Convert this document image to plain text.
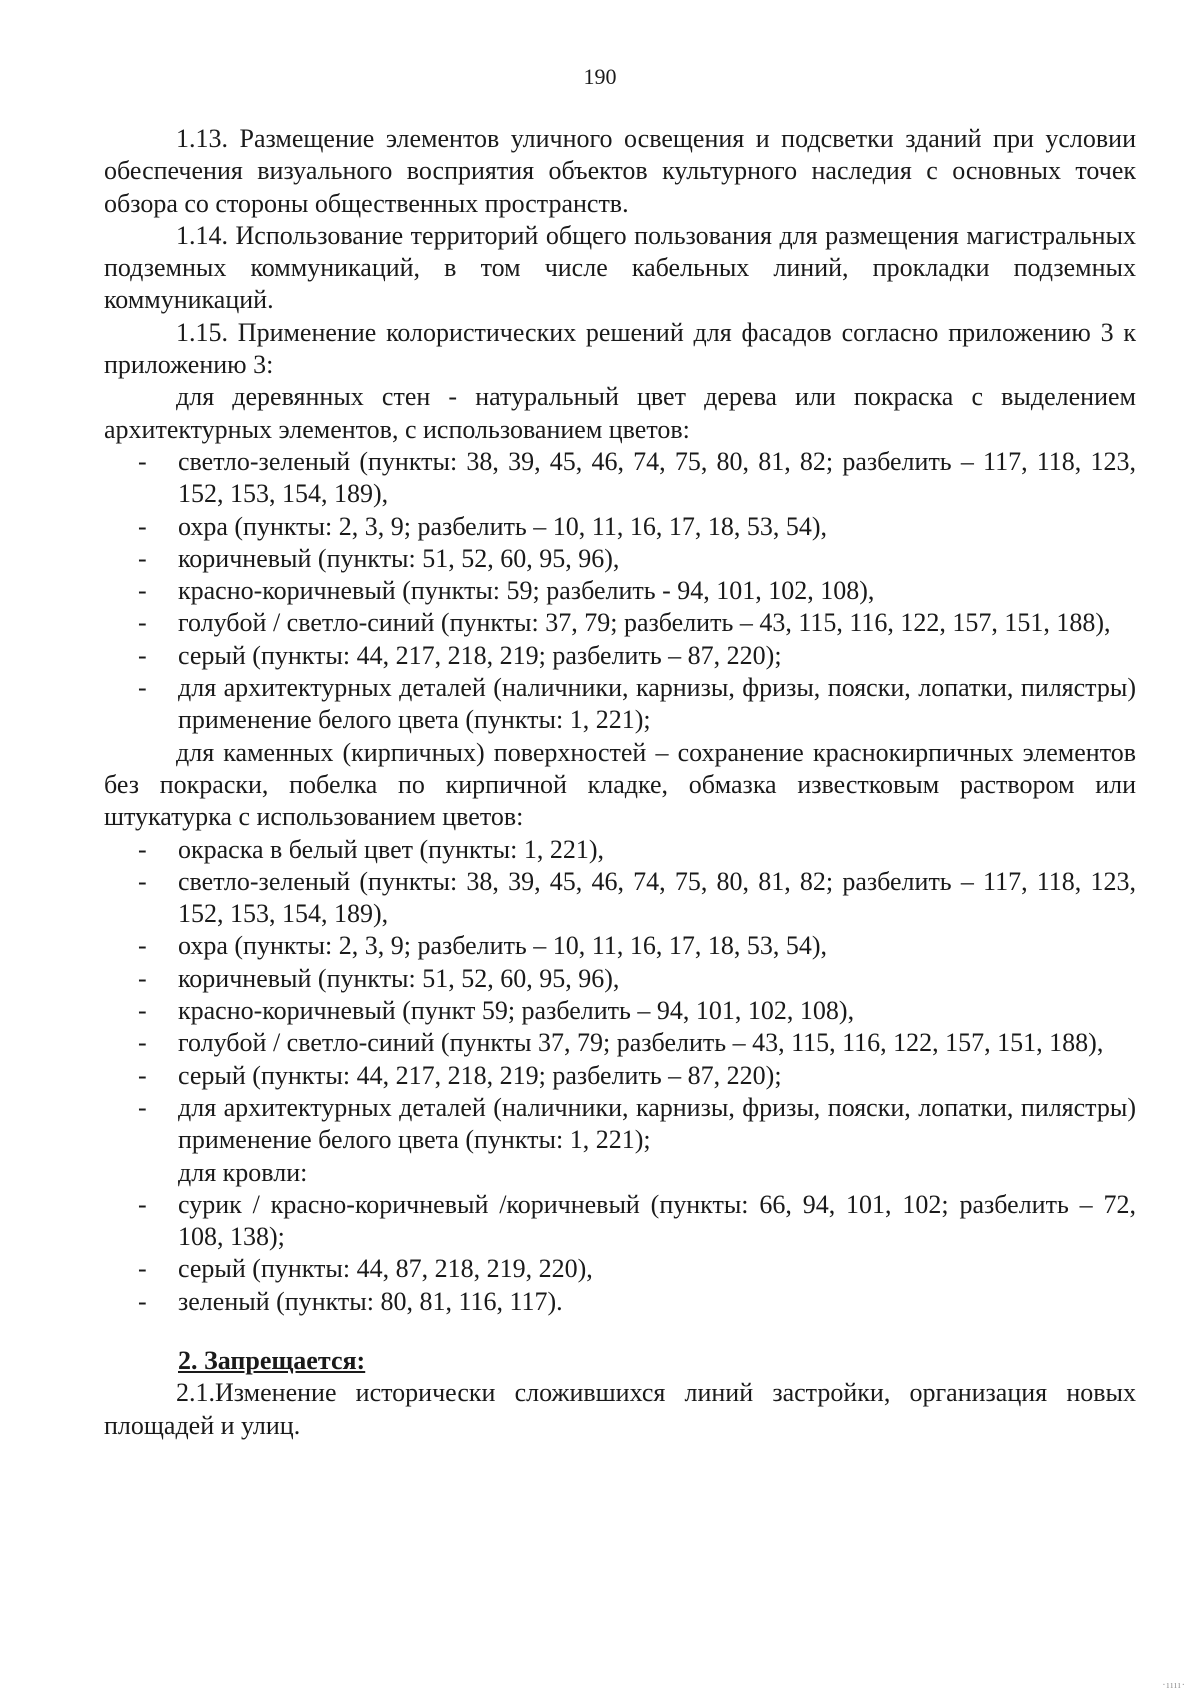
190

1.13. Размещение элементов уличного освещения и подсветки зданий при условии обеспечения визуального восприятия объектов культурного наследия с основных точек обзора со стороны общественных пространств.

1.14. Использование территорий общего пользования для размещения магистральных подземных коммуникаций, в том числе кабельных линий, прокладки подземных коммуникаций.

1.15. Применение колористических решений для фасадов согласно приложению 3 к приложению 3:

для деревянных стен - натуральный цвет дерева или покраска с выделением архитектурных элементов, с использованием цветов:

- светло-зеленый (пункты: 38, 39, 45, 46, 74, 75, 80, 81, 82; разбелить – 117, 118, 123, 152, 153, 154, 189),
- охра (пункты: 2, 3, 9; разбелить – 10, 11, 16, 17, 18, 53, 54),
- коричневый (пункты: 51, 52, 60, 95, 96),
- красно-коричневый (пункты: 59; разбелить - 94, 101, 102, 108),
- голубой / светло-синий (пункты: 37, 79; разбелить – 43, 115, 116, 122, 157, 151, 188),
- серый (пункты: 44, 217, 218, 219; разбелить – 87, 220);
- для архитектурных деталей (наличники, карнизы, фризы, пояски, лопатки, пилястры) применение белого цвета (пункты: 1, 221);

для каменных (кирпичных) поверхностей – сохранение краснокирпичных элементов без покраски, побелка по кирпичной кладке, обмазка известковым раствором или штукатурка с использованием цветов:

- окраска в белый цвет (пункты: 1, 221),
- светло-зеленый (пункты: 38, 39, 45, 46, 74, 75, 80, 81, 82; разбелить – 117, 118, 123, 152, 153, 154, 189),
- охра (пункты: 2, 3, 9; разбелить – 10, 11, 16, 17, 18, 53, 54),
- коричневый (пункты: 51, 52, 60, 95, 96),
- красно-коричневый (пункт 59; разбелить – 94, 101, 102, 108),
- голубой / светло-синий (пункты 37, 79; разбелить – 43, 115, 116, 122, 157, 151, 188),
- серый (пункты: 44, 217, 218, 219; разбелить – 87, 220);
- для архитектурных деталей (наличники, карнизы, фризы, пояски, лопатки, пилястры) применение белого цвета (пункты: 1, 221);

для кровли:

- сурик / красно-коричневый /коричневый (пункты: 66, 94, 101, 102; разбелить – 72, 108, 138);
- серый (пункты: 44, 87, 218, 219, 220),
- зеленый (пункты: 80, 81, 116, 117).

2. Запрещается:

2.1.Изменение исторически сложившихся линий застройки, организация новых площадей и улиц.

·ıııı·
